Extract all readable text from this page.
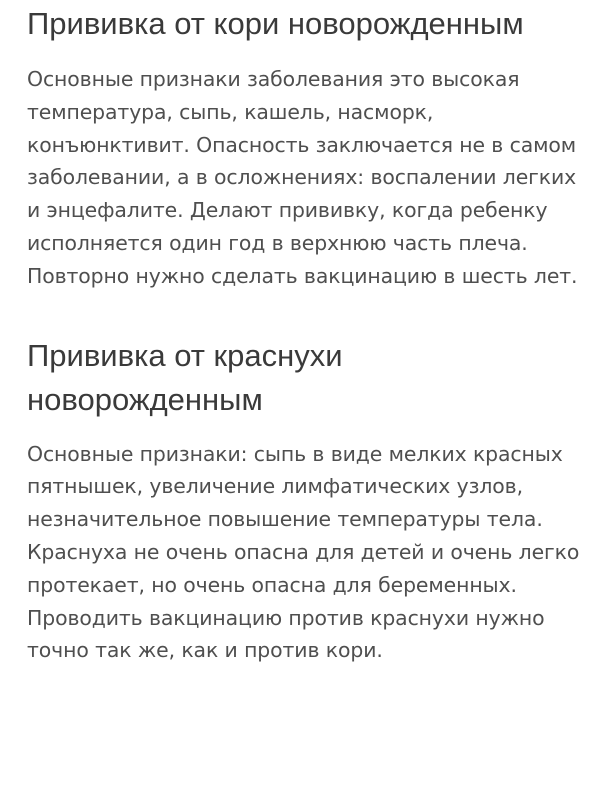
Прививка от кори новорожденным

Основные признаки заболевания это высокая температура, сыпь, кашель, насморк, конъюнктивит. Опасность заключается не в самом заболевании, а в осложнениях: воспалении легких и энцефалите. Делают прививку, когда ребенку исполняется один год в верхнюю часть плеча. Повторно нужно сделать вакцинацию в шесть лет.

Прививка от краснухи новорожденным

Основные признаки: сыпь в виде мелких красных пятнышек, увеличение лимфатических узлов, незначительное повышение температуры тела. Краснуха не очень опасна для детей и очень легко протекает, но очень опасна для беременных. Проводить вакцинацию против краснухи нужно точно так же, как и против кори.
